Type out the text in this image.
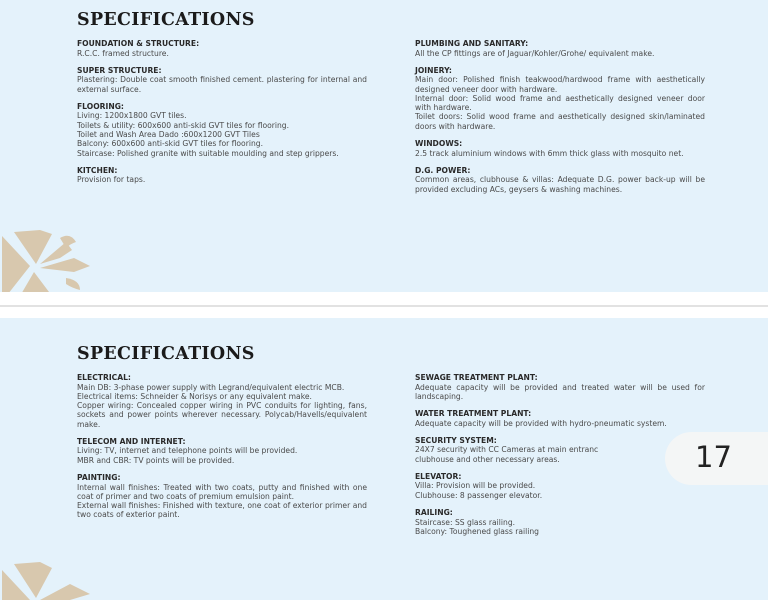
SPECIFICATIONS
FOUNDATION & STRUCTURE:
R.C.C. framed structure.
SUPER STRUCTURE:
Plastering: Double coat smooth finished cement. plastering for internal and external surface.
FLOORING:
Living: 1200x1800 GVT tiles.
Toilets & utility: 600x600 anti-skid GVT tiles for flooring.
Toilet and Wash Area Dado :600x1200 GVT Tiles
Balcony: 600x600 anti-skid GVT tiles for flooring.
Staircase: Polished granite with suitable moulding and step grippers.
KITCHEN:
Provision for taps.
PLUMBING AND SANITARY:
All the CP fittings are of Jaguar/Kohler/Grohe/ equivalent make.
JOINERY:
Main door: Polished finish teakwood/hardwood frame with aesthetically designed veneer door with hardware.
Internal door: Solid wood frame and aesthetically designed veneer door with hardware.
Toilet doors: Solid wood frame and aesthetically designed skin/laminated doors with hardware.
WINDOWS:
2.5 track aluminium windows with 6mm thick glass with mosquito net.
D.G. POWER:
Common areas, clubhouse & villas: Adequate D.G. power back-up will be provided excluding ACs, geysers & washing machines.
SPECIFICATIONS
ELECTRICAL:
Main DB: 3-phase power supply with Legrand/equivalent electric MCB.
Electrical items: Schneider & Norisys or any equivalent make.
Copper wiring: Concealed copper wiring in PVC conduits for lighting, fans, sockets and power points wherever necessary. Polycab/Havells/equivalent make.
TELECOM AND INTERNET:
Living: TV, internet and telephone points will be provided.
MBR and CBR: TV points will be provided.
PAINTING:
Internal wall finishes: Treated with two coats, putty and finished with one coat of primer and two coats of premium emulsion paint.
External wall finishes: Finished with texture, one coat of exterior primer and two coats of exterior paint.
SEWAGE TREATMENT PLANT:
Adequate capacity will be provided and treated water will be used for landscaping.
WATER TREATMENT PLANT:
Adequate capacity will be provided with hydro-pneumatic system.
SECURITY SYSTEM:
24X7 security with CC Cameras at main entranc
clubhouse and other necessary areas.
ELEVATOR:
Villa: Provision will be provided.
Clubhouse: 8 passenger elevator.
RAILING:
Staircase: SS glass railing.
Balcony: Toughened glass railing
17
